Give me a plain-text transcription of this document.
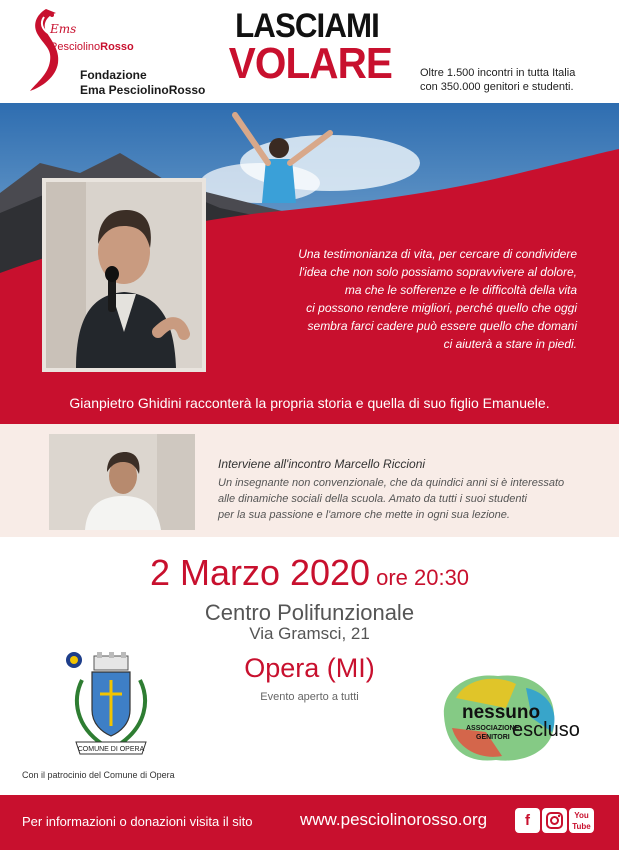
Ems
PesciolinoRosso
Fondazione
Ema PesciolinoRosso
LASCIAMI
VOLARE	Oltre 1.500 incontri in tutta Italia
con 350.000 genitori e studenti.
Una testimonianza di vita, per cercare di condividere
l'idea che non solo possiamo sopravvivere al dolore,
ma che le sofferenze e le difficoltà della vita
ci possono rendere migliori, perché quello che oggi
sembra farci cadere può essere quello che domani
ci aiuterà a stare in piedi.
Gianpietro Ghidini racconterà la propria storia e quella di suo figlio Emanuele.
Interviene all'incontro Marcello Riccioni
Un insegnante non convenzionale, che da quindici anni si è interessato
alle dinamiche sociali della scuola. Amato da tutti i suoi studenti
per la sua passione e l'amore che mette in ogni sua lezione.
2 Marzo 2020 ore 20:30
Centro Polifunzionale
Via Gramsci, 21
Opera (MI)
Evento aperto a tutti
COMUNE DI OPERA
Con il patrocinio del Comune di Opera
nessuno
ASSOCIAZIONE
GENITORI escluso
Per informazioni o donazioni visita il sito	www.pesciolinorosso.org	f	You
Tube
